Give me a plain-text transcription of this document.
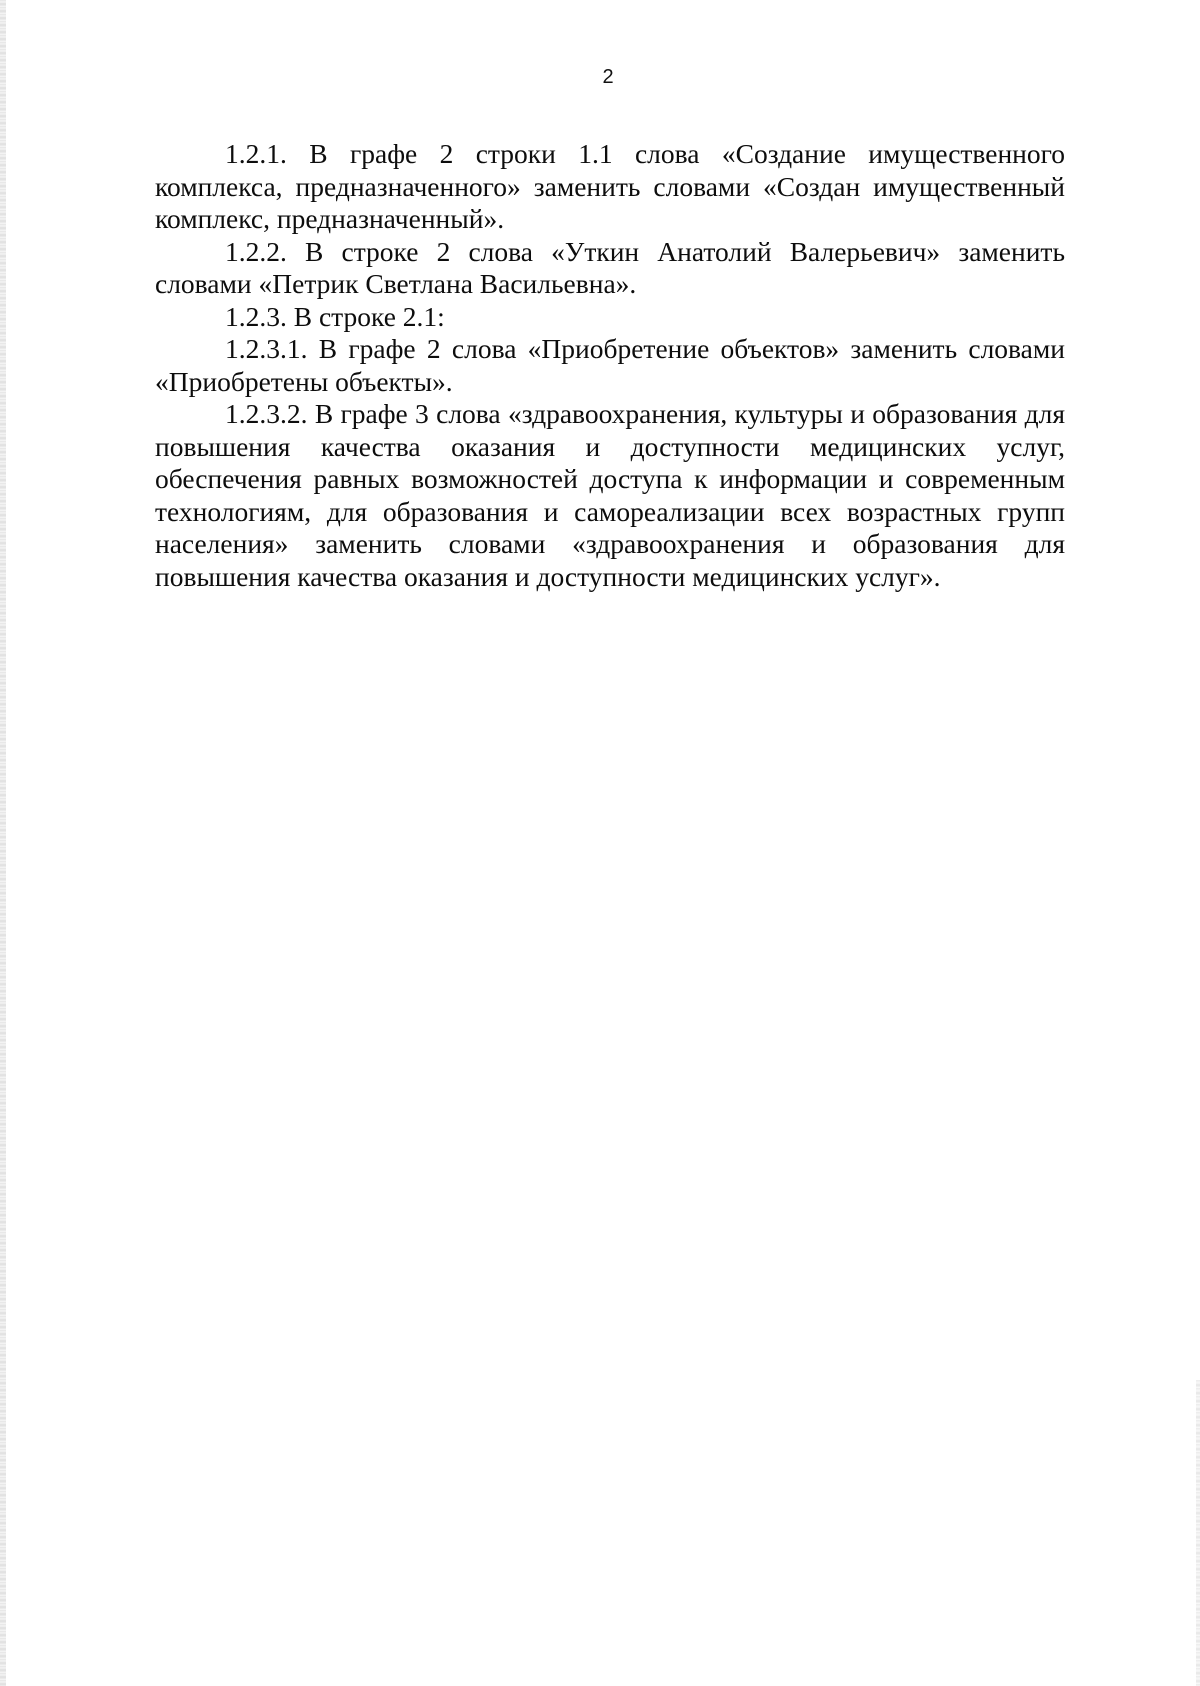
2

1.2.1. В графе 2 строки 1.1 слова «Создание имущественного комплекса, предназначенного» заменить словами «Создан имущественный комплекс, предназначенный».

1.2.2. В строке 2 слова «Уткин Анатолий Валерьевич» заменить словами «Петрик Светлана Васильевна».

1.2.3. В строке 2.1:

1.2.3.1. В графе 2 слова «Приобретение объектов» заменить словами «Приобретены объекты».

1.2.3.2. В графе 3 слова «здравоохранения, культуры и образования для повышения качества оказания и доступности медицинских услуг, обеспечения равных возможностей доступа к информации и современным технологиям, для образования и самореализации всех возрастных групп населения» заменить словами «здравоохранения и образования для повышения качества оказания и доступности медицинских услуг».
